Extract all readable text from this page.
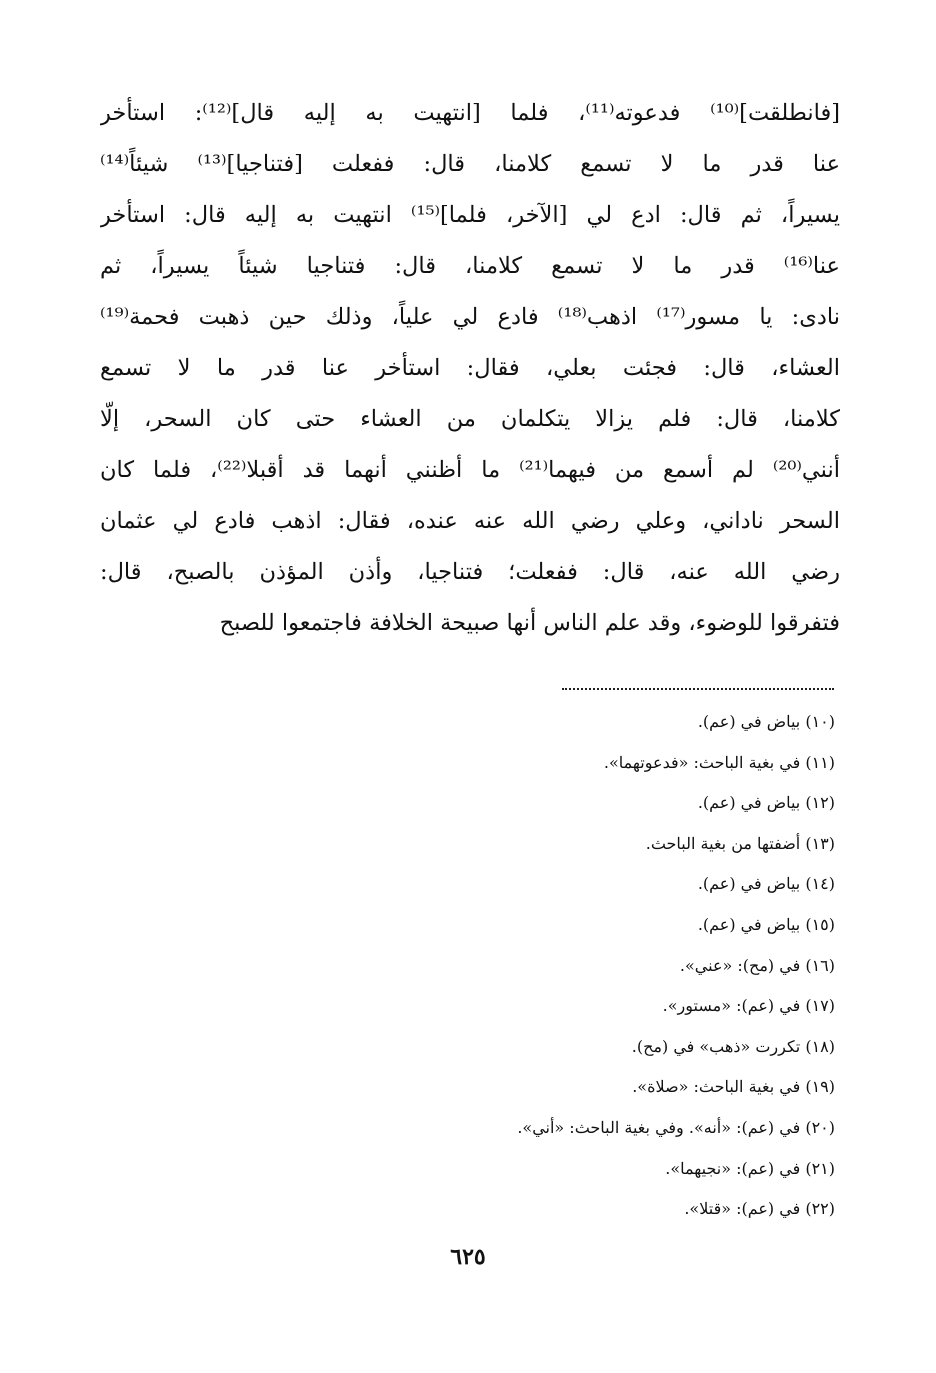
[فانطلقت]⁽¹⁰⁾ فدعوته⁽¹¹⁾، فلما [انتهيت به إليه قال]⁽¹²⁾: استأخر
عنا قدر ما لا تسمع كلامنا، قال: ففعلت [فتناجيا]⁽¹³⁾ شيئاً⁽¹⁴⁾
يسيراً، ثم قال: ادع لي [الآخر، فلما]⁽¹⁵⁾ انتهيت به إليه قال: استأخر
عنا⁽¹⁶⁾ قدر ما لا تسمع كلامنا، قال: فتناجيا شيئاً يسيراً، ثم
نادى: يا مسور⁽¹⁷⁾ اذهب⁽¹⁸⁾ فادع لي علياً، وذلك حين ذهبت فحمة⁽¹⁹⁾
العشاء، قال: فجئت بعلي، فقال: استأخر عنا قدر ما لا تسمع
كلامنا، قال: فلم يزالا يتكلمان من العشاء حتى كان السحر، إلّا
أنني⁽²⁰⁾ لم أسمع من فيهما⁽²¹⁾ ما أظنني أنهما قد أقبلا⁽²²⁾، فلما كان
السحر ناداني، وعلي رضي الله عنه عنده، فقال: اذهب فادع لي عثمان
رضي الله عنه، قال: ففعلت؛ فتناجيا، وأذن المؤذن بالصبح، قال:
فتفرقوا للوضوء، وقد علم الناس أنها صبيحة الخلافة فاجتمعوا للصبح
(١٠) بياض في (عم).
(١١) في بغية الباحث: «فدعوتهما».
(١٢) بياض في (عم).
(١٣) أضفتها من بغية الباحث.
(١٤) بياض في (عم).
(١٥) بياض في (عم).
(١٦) في (مح): «عني».
(١٧) في (عم): «مستور».
(١٨) تكررت «ذهب» في (مح).
(١٩) في بغية الباحث: «صلاة».
(٢٠) في (عم): «أنه». وفي بغية الباحث: «أني».
(٢١) في (عم): «نجيهما».
(٢٢) في (عم): «قتلا».
٦٢٥
